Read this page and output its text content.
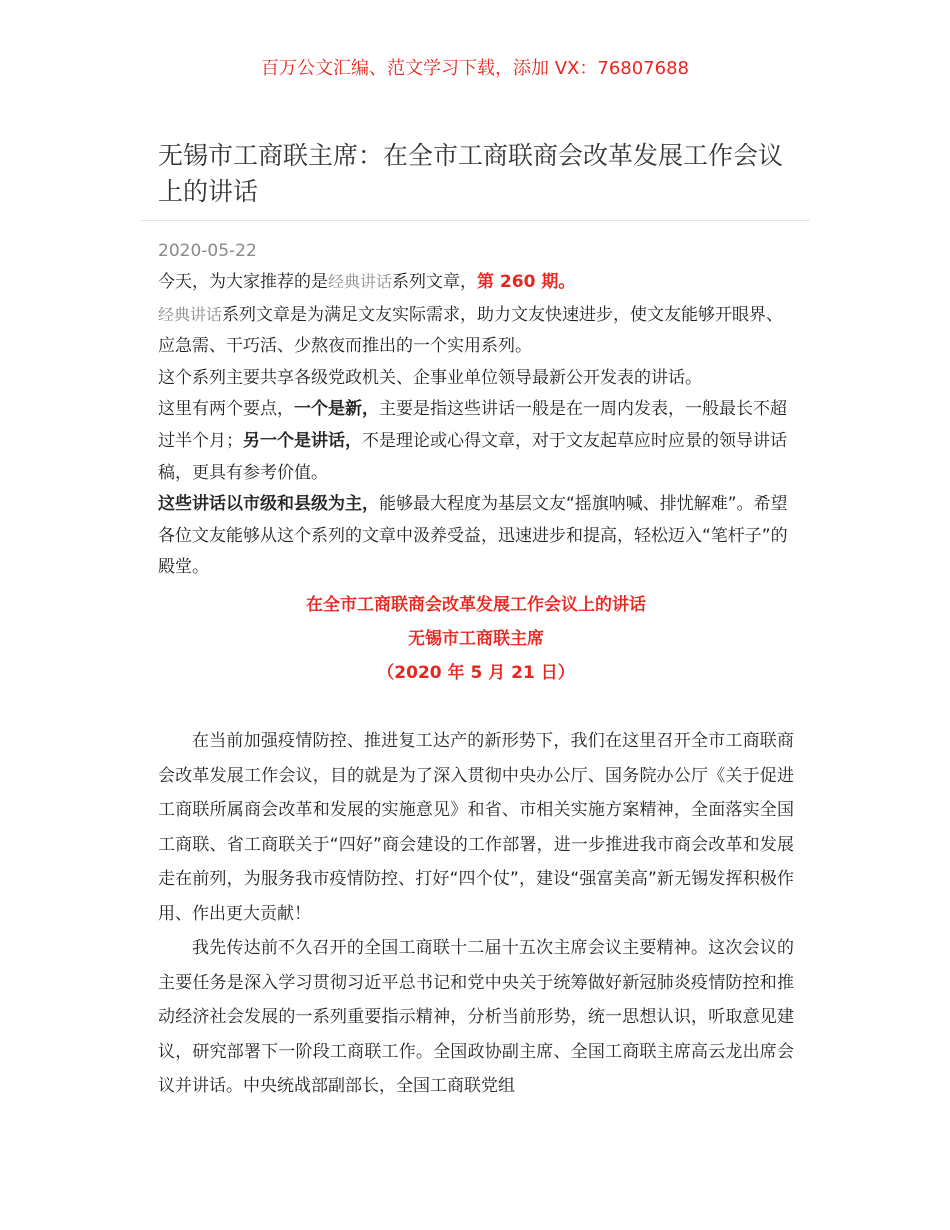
百万公文汇编、范文学习下载，添加 VX：76807688
无锡市工商联主席：在全市工商联商会改革发展工作会议上的讲话
2020-05-22

今天，为大家推荐的是经典讲话系列文章，第 260 期。

经典讲话系列文章是为满足文友实际需求，助力文友快速进步，使文友能够开眼界、应急需、干巧活、少熬夜而推出的一个实用系列。

这个系列主要共享各级党政机关、企事业单位领导最新公开发表的讲话。

这里有两个要点，一个是新，主要是指这些讲话一般是在一周内发表，一般最长不超过半个月；另一个是讲话，不是理论或心得文章，对于文友起草应时应景的领导讲话稿，更具有参考价值。

这些讲话以市级和县级为主，能够最大程度为基层文友“摇旗呐喊、排忧解难”。希望各位文友能够从这个系列的文章中汲养受益，迅速进步和提高，轻松迈入“笔杆子”的殿堂。

在全市工商联商会改革发展工作会议上的讲话
无锡市工商联主席
（2020 年 5 月 21 日）

在当前加强疫情防控、推进复工达产的新形势下，我们在这里召开全市工商联商会改革发展工作会议，目的就是为了深入贯彻中央办公厅、国务院办公厅《关于促进工商联所属商会改革和发展的实施意见》和省、市相关实施方案精神，全面落实全国工商联、省工商联关于“四好”商会建设的工作部署，进一步推进我市商会改革和发展走在前列，为服务我市疫情防控、打好“四个仗”，建设“强富美高”新无锡发挥积极作用、作出更大贡献！

我先传达前不久召开的全国工商联十二届十五次主席会议主要精神。这次会议的主要任务是深入学习贯彻习近平总书记和党中央关于统筹做好新冠肺炎疫情防控和推动经济社会发展的一系列重要指示精神，分析当前形势，统一思想认识，听取意见建议，研究部署下一阶段工商联工作。全国政协副主席、全国工商联主席高云龙出席会议并讲话。中央统战部副部长，全国工商联党组
